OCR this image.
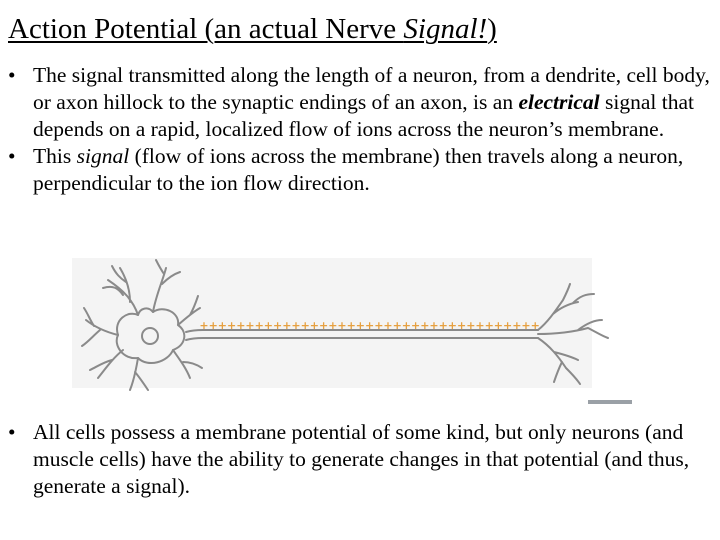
Action Potential (an actual Nerve Signal!)
• The signal transmitted along the length of a neuron, from a dendrite, cell body, or axon hillock to the synaptic endings of an axon, is an electrical signal that depends on a rapid, localized flow of ions across the neuron’s membrane.
• This signal (flow of ions across the membrane) then travels along a neuron, perpendicular to the ion flow direction.
+ + + + + + + + + + + + + + + + + + + + + + + + + + + + + + + + + + + + +
• All cells possess a membrane potential of some kind, but only neurons (and muscle cells) have the ability to generate changes in that potential (and thus, generate a signal).
